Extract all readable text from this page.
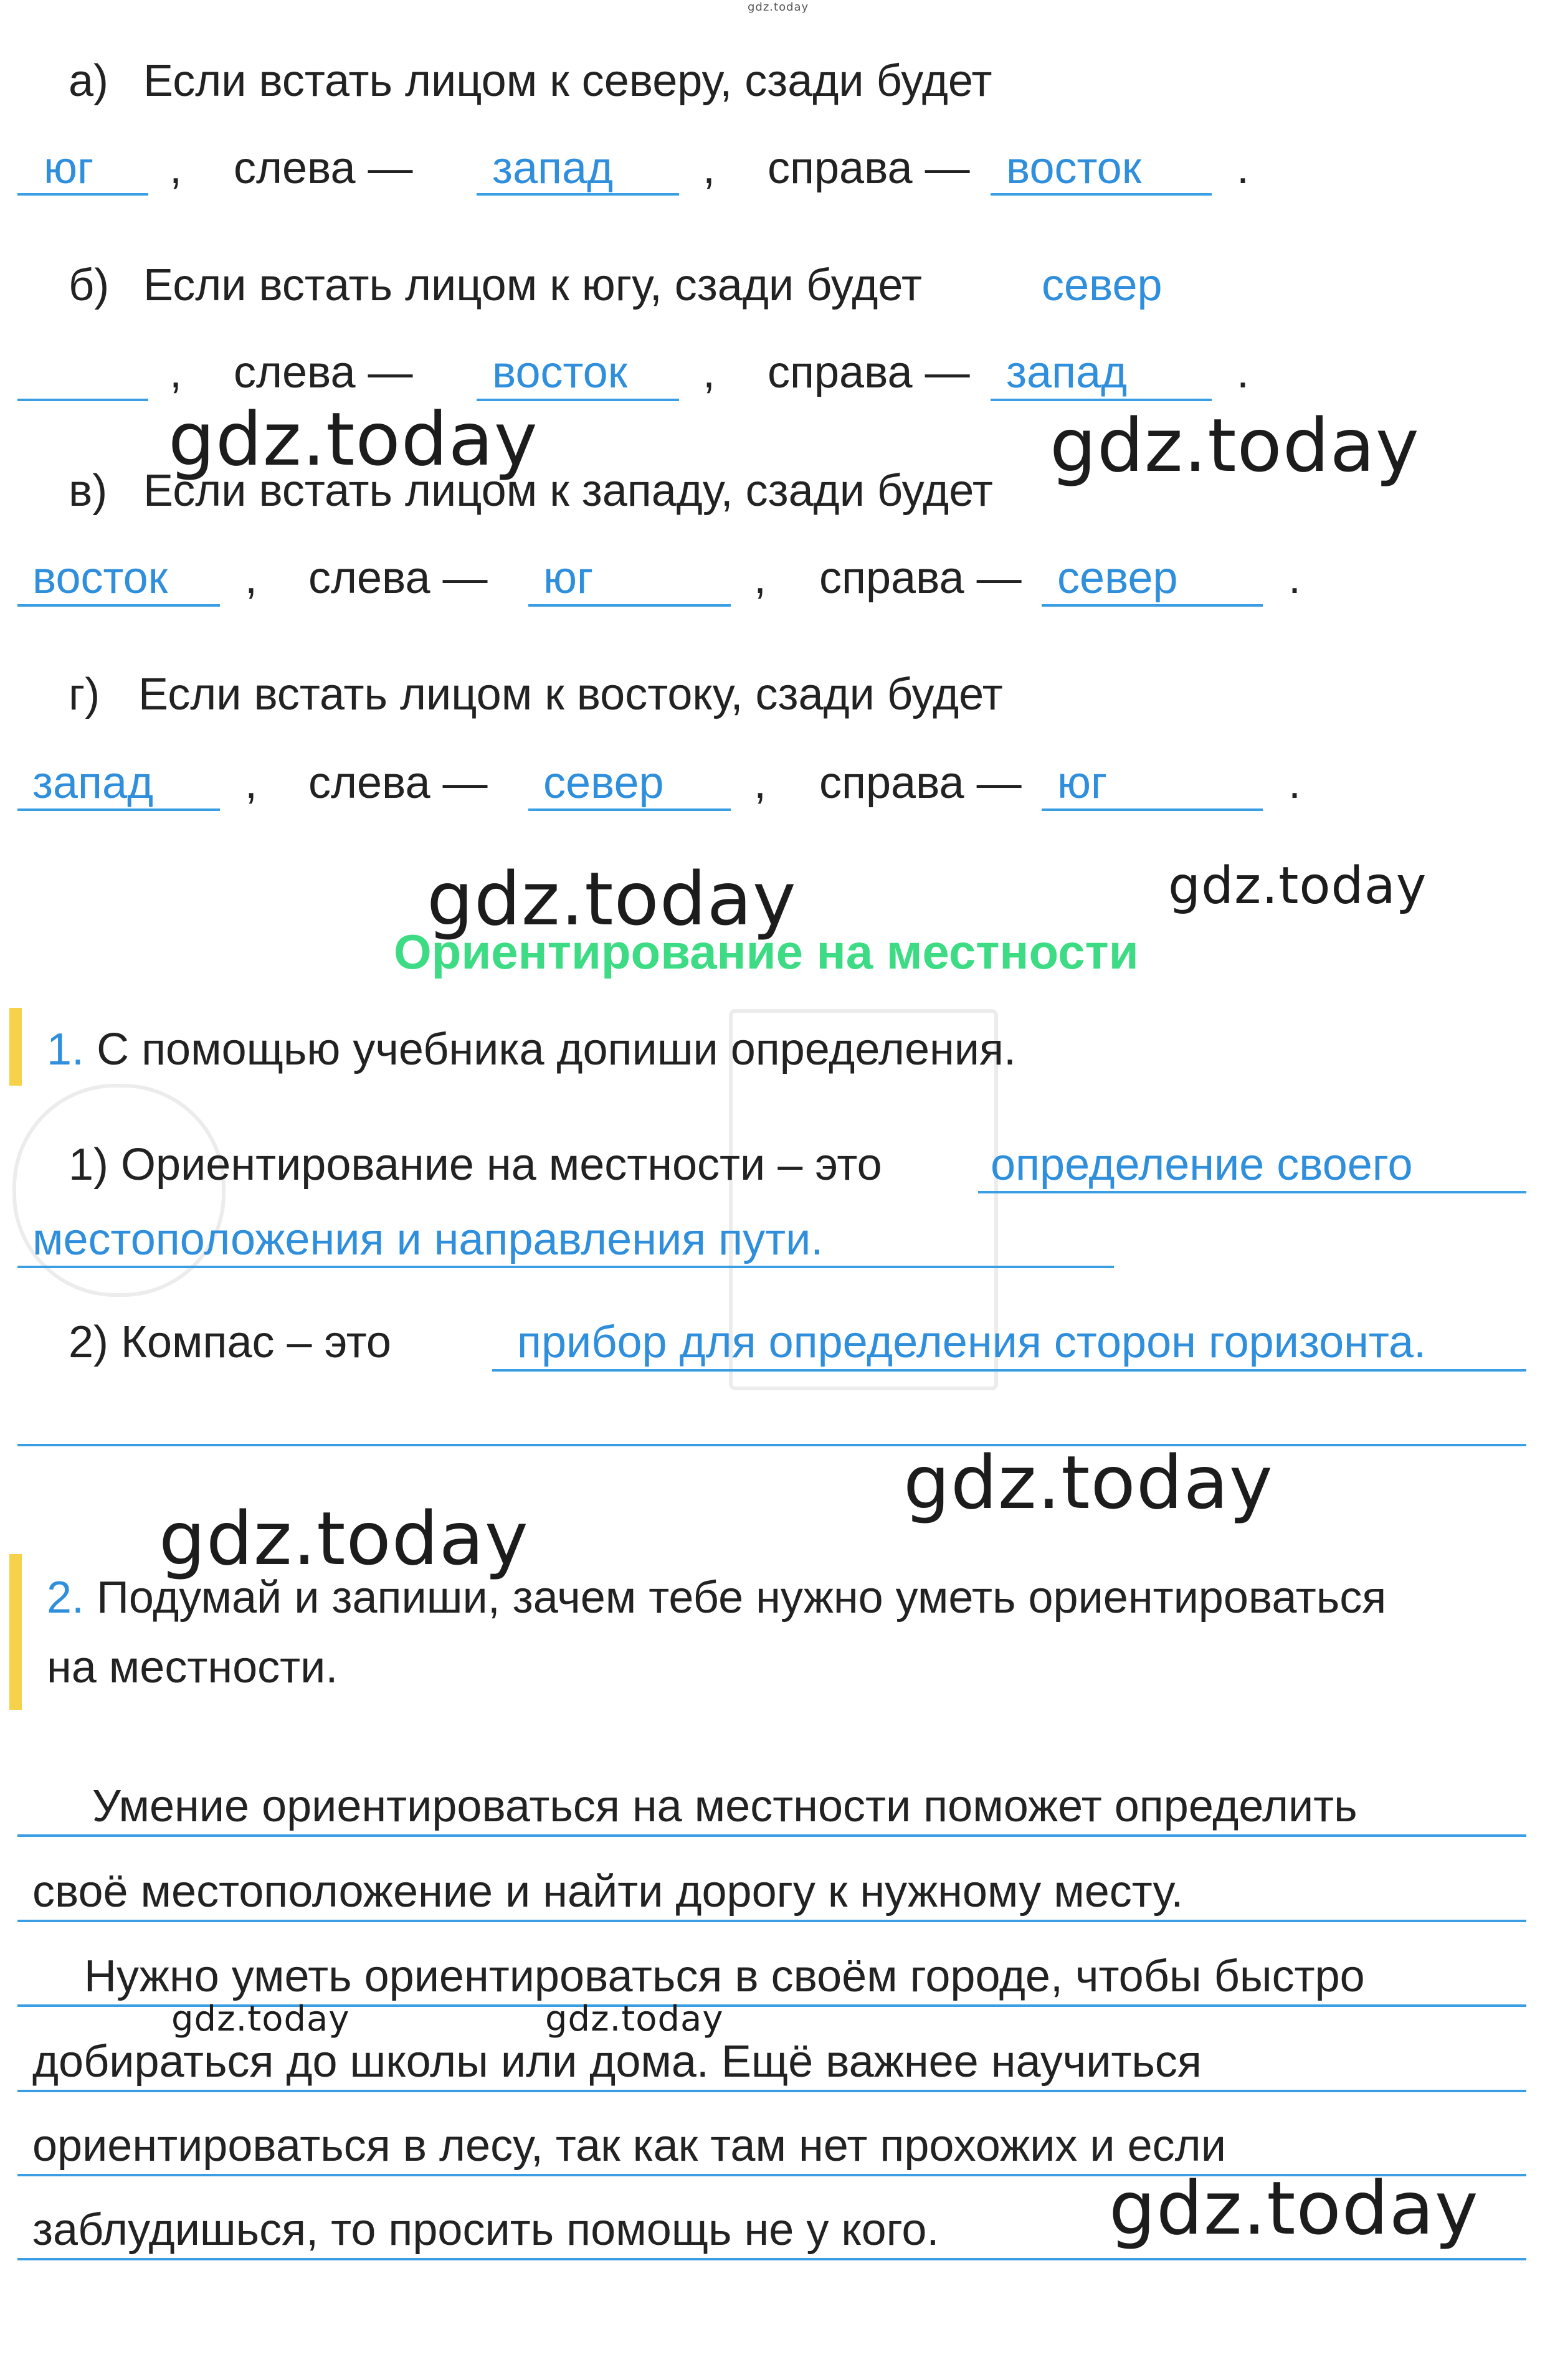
gdz.today
а) Если встать лицом к северу, сзади будет
юг , слева — запад , справа — восток .
б) Если встать лицом к югу, сзади будет	север
, слева — восток , справа — запад .
gdz.today	gdz.today
в) Если встать лицом к западу, сзади будет
восток , слева — юг	, справа — север .
г) Если встать лицом к востоку, сзади будет
запад , слева — север , справа — юг	.
gdz.today	gdz.today
Ориентирование на местности
1. С помощью учебника допиши определения.
1) Ориентирование на местности – это определение своего
местоположения и направления пути.
2) Компас – это	прибор для определения сторон горизонта.
gdz.today
gdz.today
2. Подумай и запиши, зачем тебе нужно уметь ориентироваться
на местности.
Умение ориентироваться на местности поможет определить
своё местоположение и найти дорогу к нужному месту.
Нужно уметь ориентироваться в своём городе, чтобы быстро
gdz.today	gdz.today
добираться до школы или дома. Ещё важнее научиться
ориентироваться в лесу, так как там нет прохожих и если
заблудишься, то просить помощь не у кого. gdz.today
